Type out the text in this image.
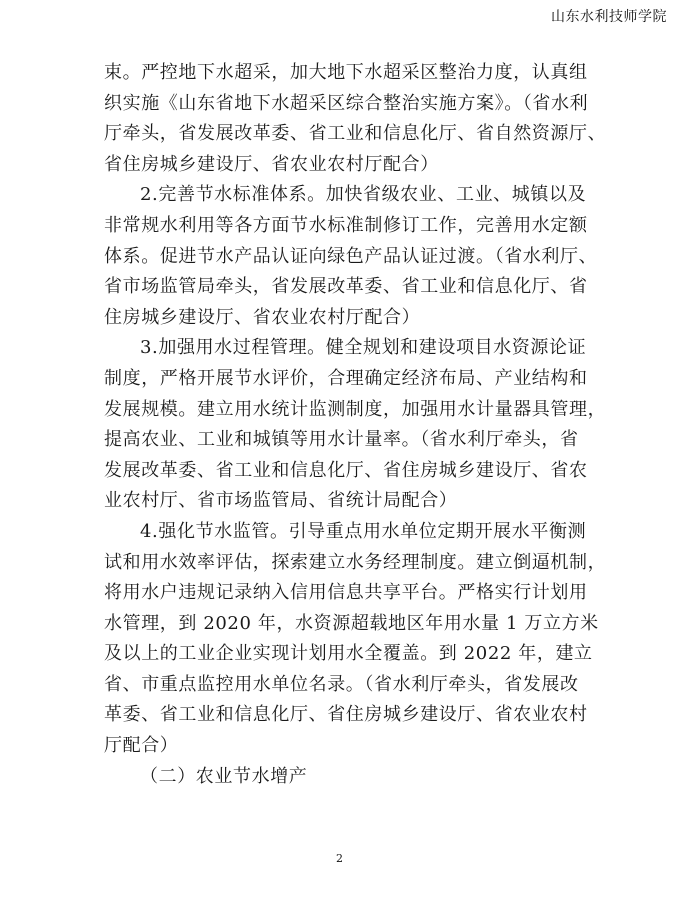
山东水利技师学院
束。严控地下水超采，加大地下水超采区整治力度，认真组
织实施《山东省地下水超采区综合整治实施方案》。（省水利
厅牵头，省发展改革委、省工业和信息化厅、省自然资源厅、
省住房城乡建设厅、省农业农村厅配合）
2.完善节水标准体系。加快省级农业、工业、城镇以及
非常规水利用等各方面节水标准制修订工作，完善用水定额
体系。促进节水产品认证向绿色产品认证过渡。（省水利厅、
省市场监管局牵头，省发展改革委、省工业和信息化厅、省
住房城乡建设厅、省农业农村厅配合）
3.加强用水过程管理。健全规划和建设项目水资源论证
制度，严格开展节水评价，合理确定经济布局、产业结构和
发展规模。建立用水统计监测制度，加强用水计量器具管理，
提高农业、工业和城镇等用水计量率。（省水利厅牵头，省
发展改革委、省工业和信息化厅、省住房城乡建设厅、省农
业农村厅、省市场监管局、省统计局配合）
4.强化节水监管。引导重点用水单位定期开展水平衡测
试和用水效率评估，探索建立水务经理制度。建立倒逼机制，
将用水户违规记录纳入信用信息共享平台。严格实行计划用
水管理，到 2020 年，水资源超载地区年用水量 1 万立方米
及以上的工业企业实现计划用水全覆盖。到 2022 年，建立
省、市重点监控用水单位名录。（省水利厅牵头，省发展改
革委、省工业和信息化厅、省住房城乡建设厅、省农业农村
厅配合）
（二）农业节水增产
2
